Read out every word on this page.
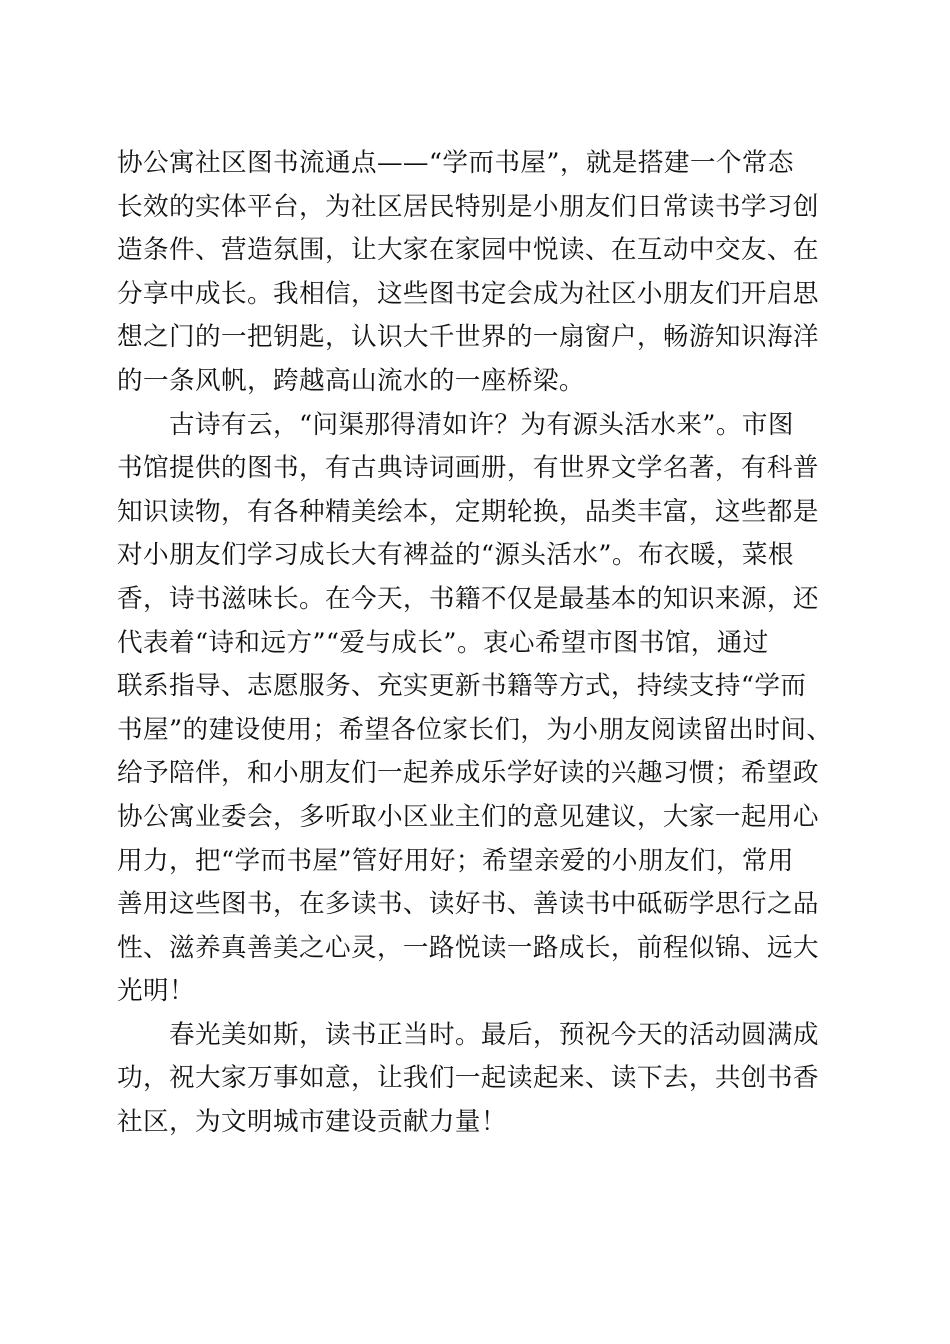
协公寓社区图书流通点——“学而书屋”，就是搭建一个常态
长效的实体平台，为社区居民特别是小朋友们日常读书学习创
造条件、营造氛围，让大家在家园中悦读、在互动中交友、在
分享中成长。我相信，这些图书定会成为社区小朋友们开启思
想之门的一把钥匙，认识大千世界的一扇窗户，畅游知识海洋
的一条风帆，跨越高山流水的一座桥梁。

古诗有云，“问渠那得清如许？为有源头活水来”。市图
书馆提供的图书，有古典诗词画册，有世界文学名著，有科普
知识读物，有各种精美绘本，定期轮换，品类丰富，这些都是
对小朋友们学习成长大有裨益的“源头活水”。布衣暖，菜根
香，诗书滋味长。在今天，书籍不仅是最基本的知识来源，还
代表着“诗和远方”“爱与成长”。衷心希望市图书馆，通过
联系指导、志愿服务、充实更新书籍等方式，持续支持“学而
书屋”的建设使用；希望各位家长们，为小朋友阅读留出时间、
给予陪伴，和小朋友们一起养成乐学好读的兴趣习惯；希望政
协公寓业委会，多听取小区业主们的意见建议，大家一起用心
用力，把“学而书屋”管好用好；希望亲爱的小朋友们，常用
善用这些图书，在多读书、读好书、善读书中砥砺学思行之品
性、滋养真善美之心灵，一路悦读一路成长，前程似锦、远大
光明！

春光美如斯，读书正当时。最后，预祝今天的活动圆满成
功，祝大家万事如意，让我们一起读起来、读下去，共创书香
社区，为文明城市建设贡献力量！
